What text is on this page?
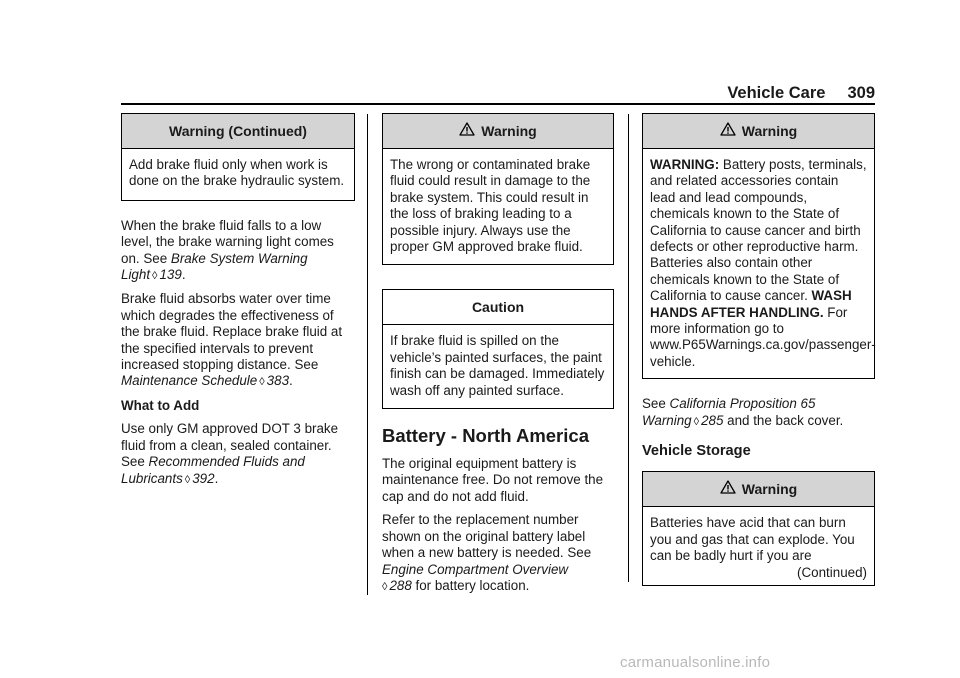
Vehicle Care 309
Warning (Continued)
Add brake fluid only when work is done on the brake hydraulic system.

When the brake fluid falls to a low level, the brake warning light comes on. See Brake System Warning Light ◊ 139.

Brake fluid absorbs water over time which degrades the effectiveness of the brake fluid. Replace brake fluid at the specified intervals to prevent increased stopping distance. See Maintenance Schedule ◊ 383.

What to Add

Use only GM approved DOT 3 brake fluid from a clean, sealed container. See Recommended Fluids and Lubricants ◊ 392.

Warning
The wrong or contaminated brake fluid could result in damage to the brake system. This could result in the loss of braking leading to a possible injury. Always use the proper GM approved brake fluid.
Caution
If brake fluid is spilled on the vehicle’s painted surfaces, the paint finish can be damaged. Immediately wash off any painted surface.
Battery - North America

The original equipment battery is maintenance free. Do not remove the cap and do not add fluid.

Refer to the replacement number shown on the original battery label when a new battery is needed. See Engine Compartment Overview
◊ 288 for battery location.

Warning
WARNING: Battery posts, terminals, and related accessories contain lead and lead compounds, chemicals known to the State of California to cause cancer and birth defects or other reproductive harm. Batteries also contain other chemicals known to the State of California to cause cancer. WASH HANDS AFTER HANDLING. For more information go to www.P65Warnings.ca.gov/passenger-vehicle.

See California Proposition 65 Warning ◊ 285 and the back cover.

Vehicle Storage
Warning
Batteries have acid that can burn you and gas that can explode. You can be badly hurt if you are
(Continued)
carmanualsonline.info
